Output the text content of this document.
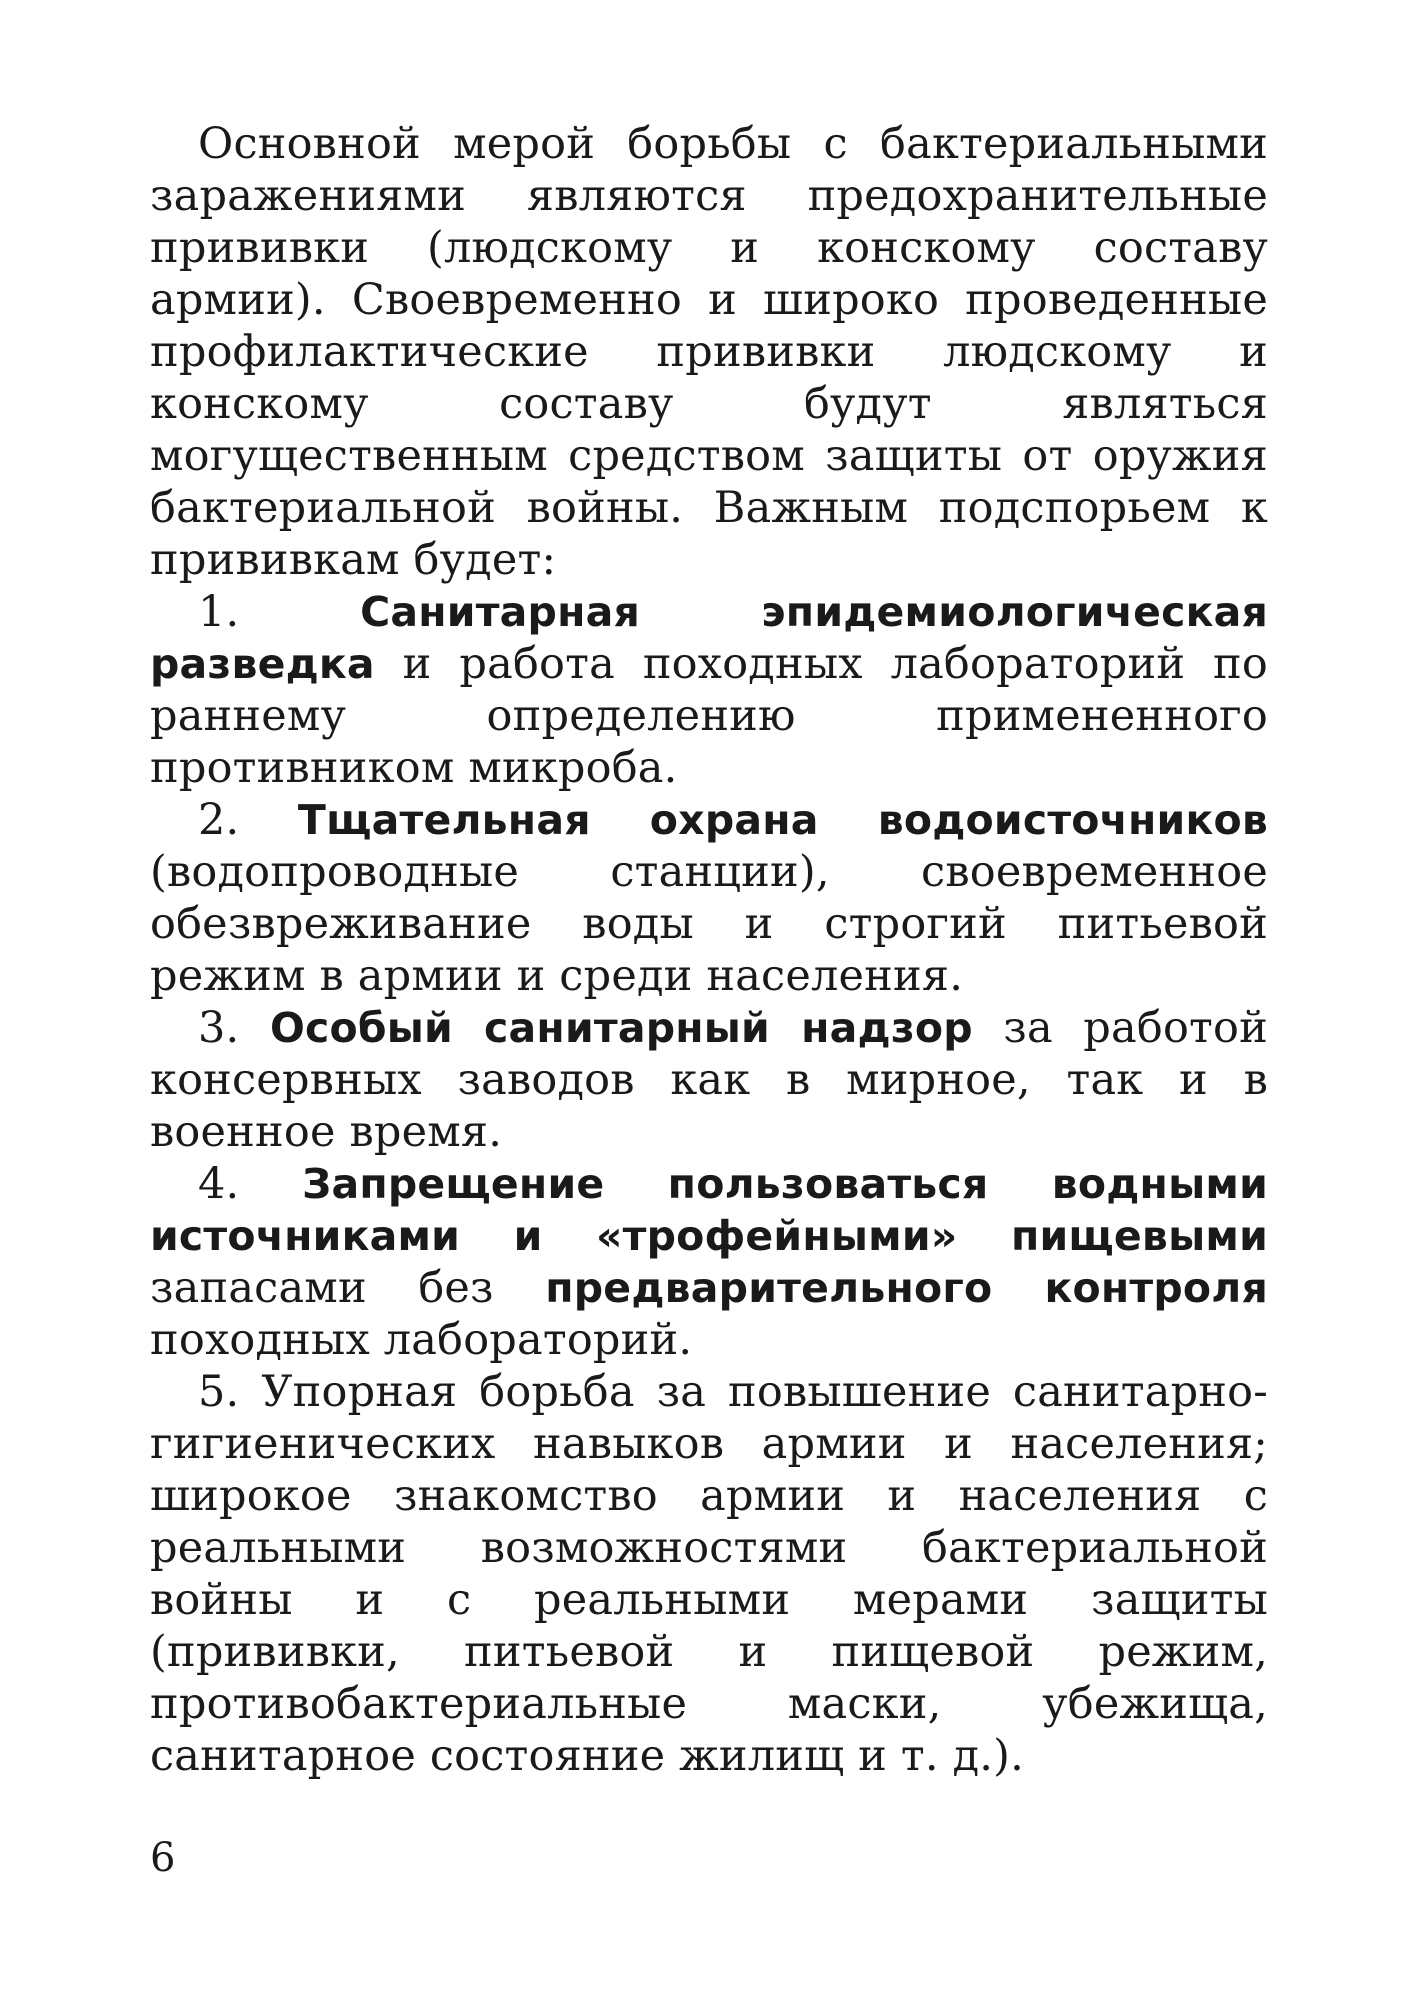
Основной мерой борьбы с бактериальными заражениями являются предохранительные прививки (людскому и конскому составу армии). Своевременно и широко проведенные профилактические прививки людскому и конскому составу будут являться могущественным средством защиты от оружия бактериальной войны. Важным подспорьем к прививкам будет:

1.	Санитарная эпидемиологическая разведка и работа походных лабораторий по раннему определению примененного противником микроба.

2. Тщательная охрана водоисточников (водопроводные станции), своевременное обезвреживание воды и строгий питьевой режим в армии и среди населения.

3. Особый санитарный надзор за работой консервных заводов как в мирное, так и в военное время.

4. Запрещение пользоваться водными источниками и «трофейными» пищевыми запасами без предварительного контроля походных лабораторий.

5. Упорная борьба за повышение санитарно-гигиенических навыков армии и населения; широкое знакомство армии и населения с реальными возможностями бактериальной войны и с реальными мерами защиты (прививки, питьевой и пищевой режим, противобактериальные маски, убежища, санитарное состояние жилищ и т. д.).

6
